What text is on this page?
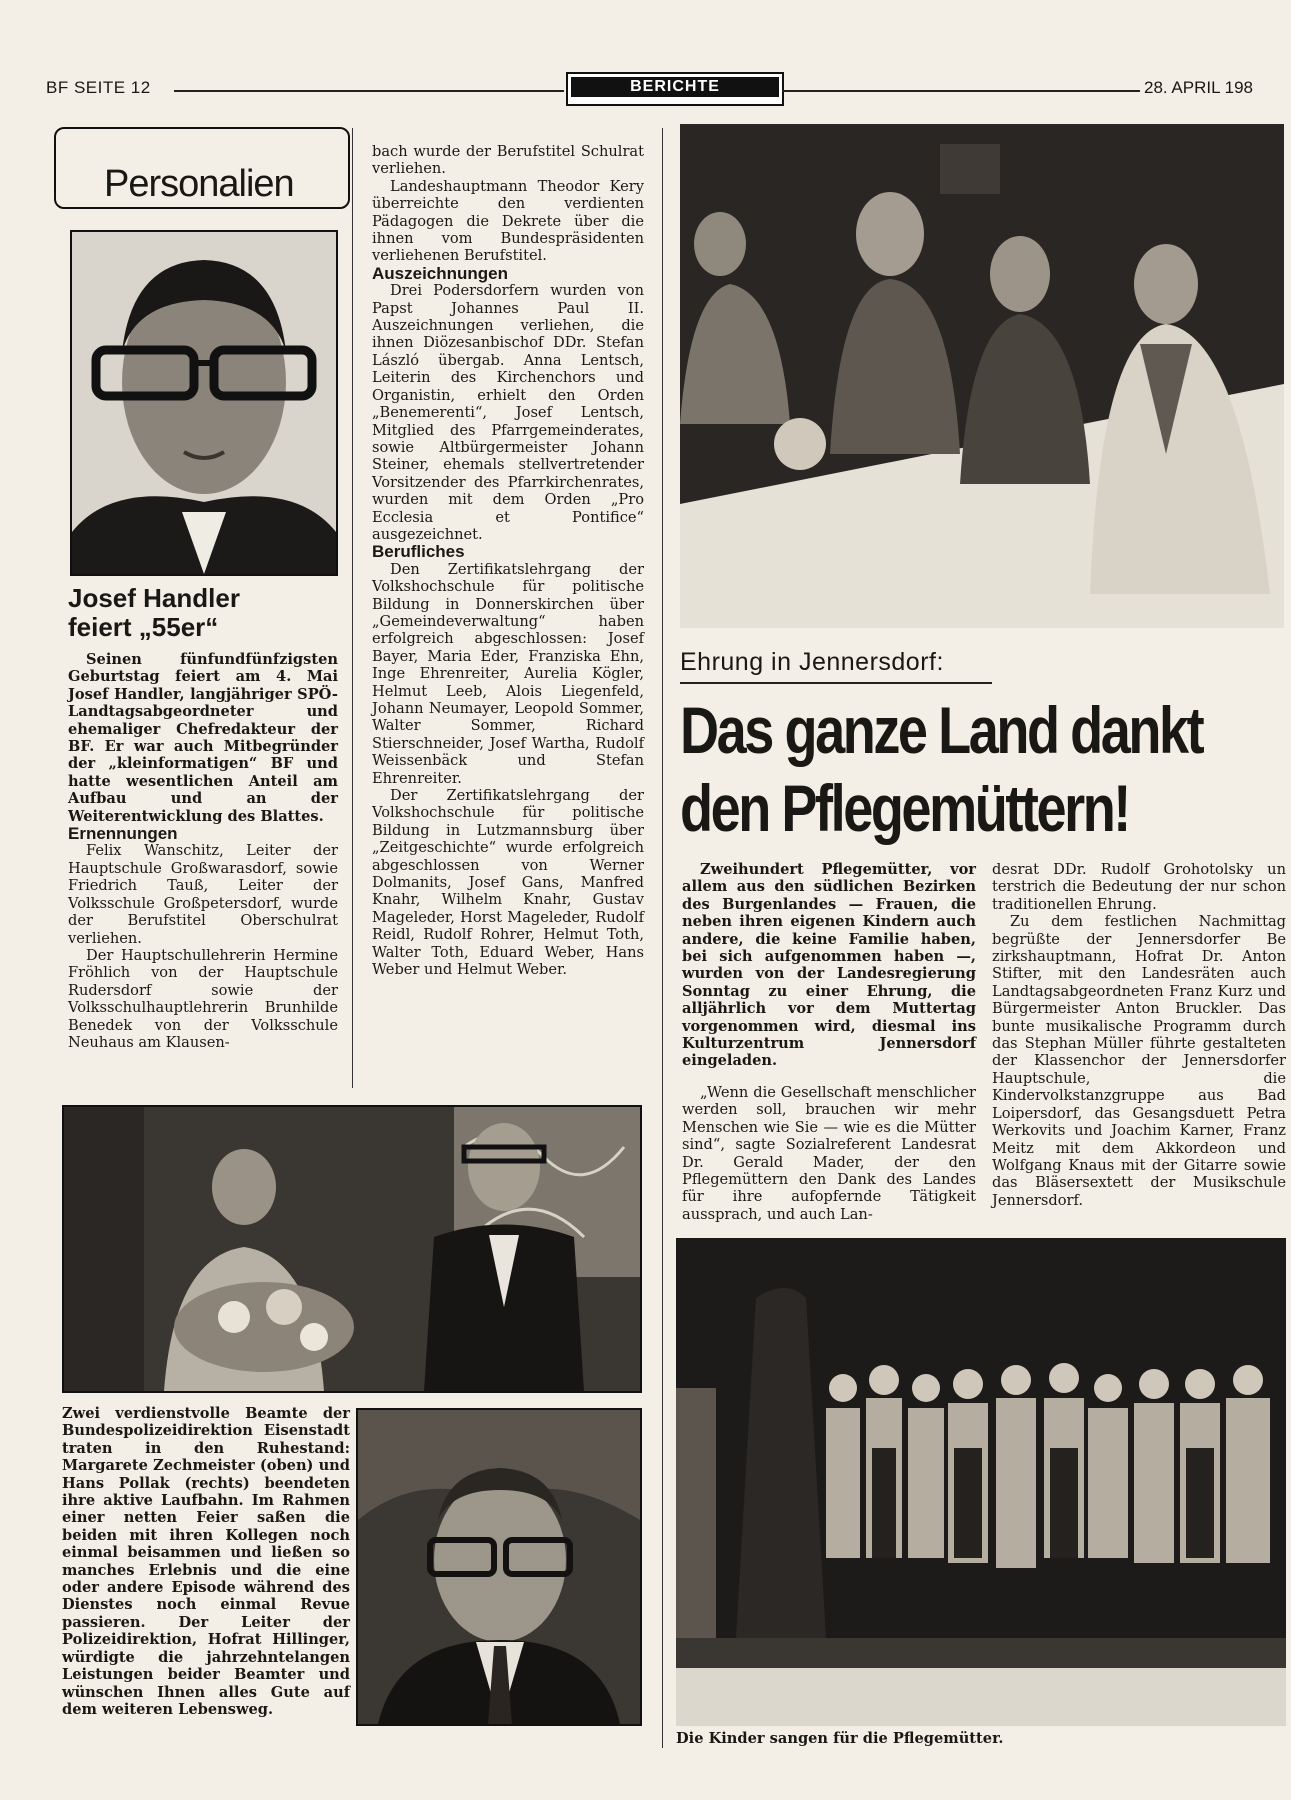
BF SEITE 12	BERICHTE	28. APRIL 198
Personalien
Josef Handler
feiert „55er“

Seinen fünfundfünfzigsten Geburtstag feiert am 4. Mai Josef Handler, langjähriger SPÖ-Landtagsabgeordneter und ehemaliger Chefredakteur der BF. Er war auch Mitbegründer der „kleinformatigen“ BF und hatte wesentlichen Anteil am Aufbau und an der Weiterentwicklung des Blattes.

Ernennungen

Felix Wanschitz, Leiter der Hauptschule Großwarasdorf, sowie Friedrich Tauß, Leiter der Volksschule Großpetersdorf, wurde der Berufstitel Oberschulrat verliehen.

Der Hauptschullehrerin Hermine Fröhlich von der Hauptschule Rudersdorf sowie der Volksschulhauptlehrerin Brunhilde Benedek von der Volksschule Neuhaus am Klausen-

bach wurde der Berufstitel Schulrat verliehen.

Landeshauptmann Theodor Kery überreichte den verdienten Pädagogen die Dekrete über die ihnen vom Bundespräsidenten verliehenen Berufstitel.

Auszeichnungen

Drei Podersdorfern wurden von Papst Johannes Paul II. Auszeichnungen verliehen, die ihnen Diözesanbischof DDr. Stefan László übergab. Anna Lentsch, Leiterin des Kirchenchors und Organistin, erhielt den Orden „Benemerenti“, Josef Lentsch, Mitglied des Pfarrgemeinderates, sowie Altbürgermeister Johann Steiner, ehemals stellvertretender Vorsitzender des Pfarrkirchenrates, wurden mit dem Orden „Pro Ecclesia et Pontifice“ ausgezeichnet.

Berufliches

Den Zertifikatslehrgang der Volkshochschule für politische Bildung in Donnerskirchen über „Gemeindeverwaltung“ haben erfolgreich abgeschlossen: Josef Bayer, Maria Eder, Franziska Ehn, Inge Ehrenreiter, Aurelia Kögler, Helmut Leeb, Alois Liegenfeld, Johann Neumayer, Leopold Sommer, Walter Sommer, Richard Stierschneider, Josef Wartha, Rudolf Weissenbäck und Stefan Ehrenreiter.

Der Zertifikatslehrgang der Volkshochschule für politische Bildung in Lutzmannsburg über „Zeitgeschichte“ wurde erfolgreich abgeschlossen von Werner Dolmanits, Josef Gans, Manfred Knahr, Wilhelm Knahr, Gustav Mageleder, Horst Mageleder, Rudolf Reidl, Rudolf Rohrer, Helmut Toth, Walter Toth, Eduard Weber, Hans Weber und Helmut Weber.

Zwei verdienstvolle Beamte der Bundespolizeidirektion Eisenstadt traten in den Ruhestand: Margarete Zechmeister (oben) und Hans Pollak (rechts) beendeten ihre aktive Laufbahn. Im Rahmen einer netten Feier saßen die beiden mit ihren Kollegen noch einmal beisammen und ließen so manches Erlebnis und die eine oder andere Episode während des Dienstes noch einmal Revue passieren. Der Leiter der Polizeidirektion, Hofrat Hillinger, würdigte die jahrzehntelangen Leistungen beider Beamter und wünschen Ihnen alles Gute auf dem weiteren Lebensweg.
Ehrung in Jennersdorf:
Das ganze Land dankt
den Pflegemüttern!

Zweihundert Pflegemütter, vor allem aus den südlichen Bezirken des Burgenlandes — Frauen, die neben ihren eigenen Kindern auch andere, die keine Familie haben, bei sich aufgenommen haben —, wurden von der Landesregierung Sonntag zu einer Ehrung, die alljährlich vor dem Muttertag vorgenommen wird, diesmal ins Kulturzentrum Jennersdorf eingeladen.

„Wenn die Gesellschaft menschlicher werden soll, brauchen wir mehr Menschen wie Sie — wie es die Mütter sind“, sagte Sozialreferent Landesrat Dr. Gerald Mader, der den Pflegemüttern den Dank des Landes für ihre aufopfernde Tätigkeit aussprach, und auch Lan-

desrat DDr. Rudolf Grohotolsky un terstrich die Bedeutung der nur schon traditionellen Ehrung.

Zu dem festlichen Nachmittag begrüßte der Jennersdorfer Be zirkshauptmann, Hofrat Dr. Anton Stifter, mit den Landesräten auch Landtagsabgeordneten Franz Kurz und Bürgermeister Anton Bruckler. Das bunte musikalische Programm durch das Stephan Müller führte gestalteten der Klassenchor der Jennersdorfer Hauptschule, die Kindervolkstanzgruppe aus Bad Loipersdorf, das Gesangsduett Petra Werkovits und Joachim Karner, Franz Meitz mit dem Akkordeon und Wolfgang Knaus mit der Gitarre sowie das Bläsersextett der Musikschule Jennersdorf.

Die Kinder sangen für die Pflegemütter.
